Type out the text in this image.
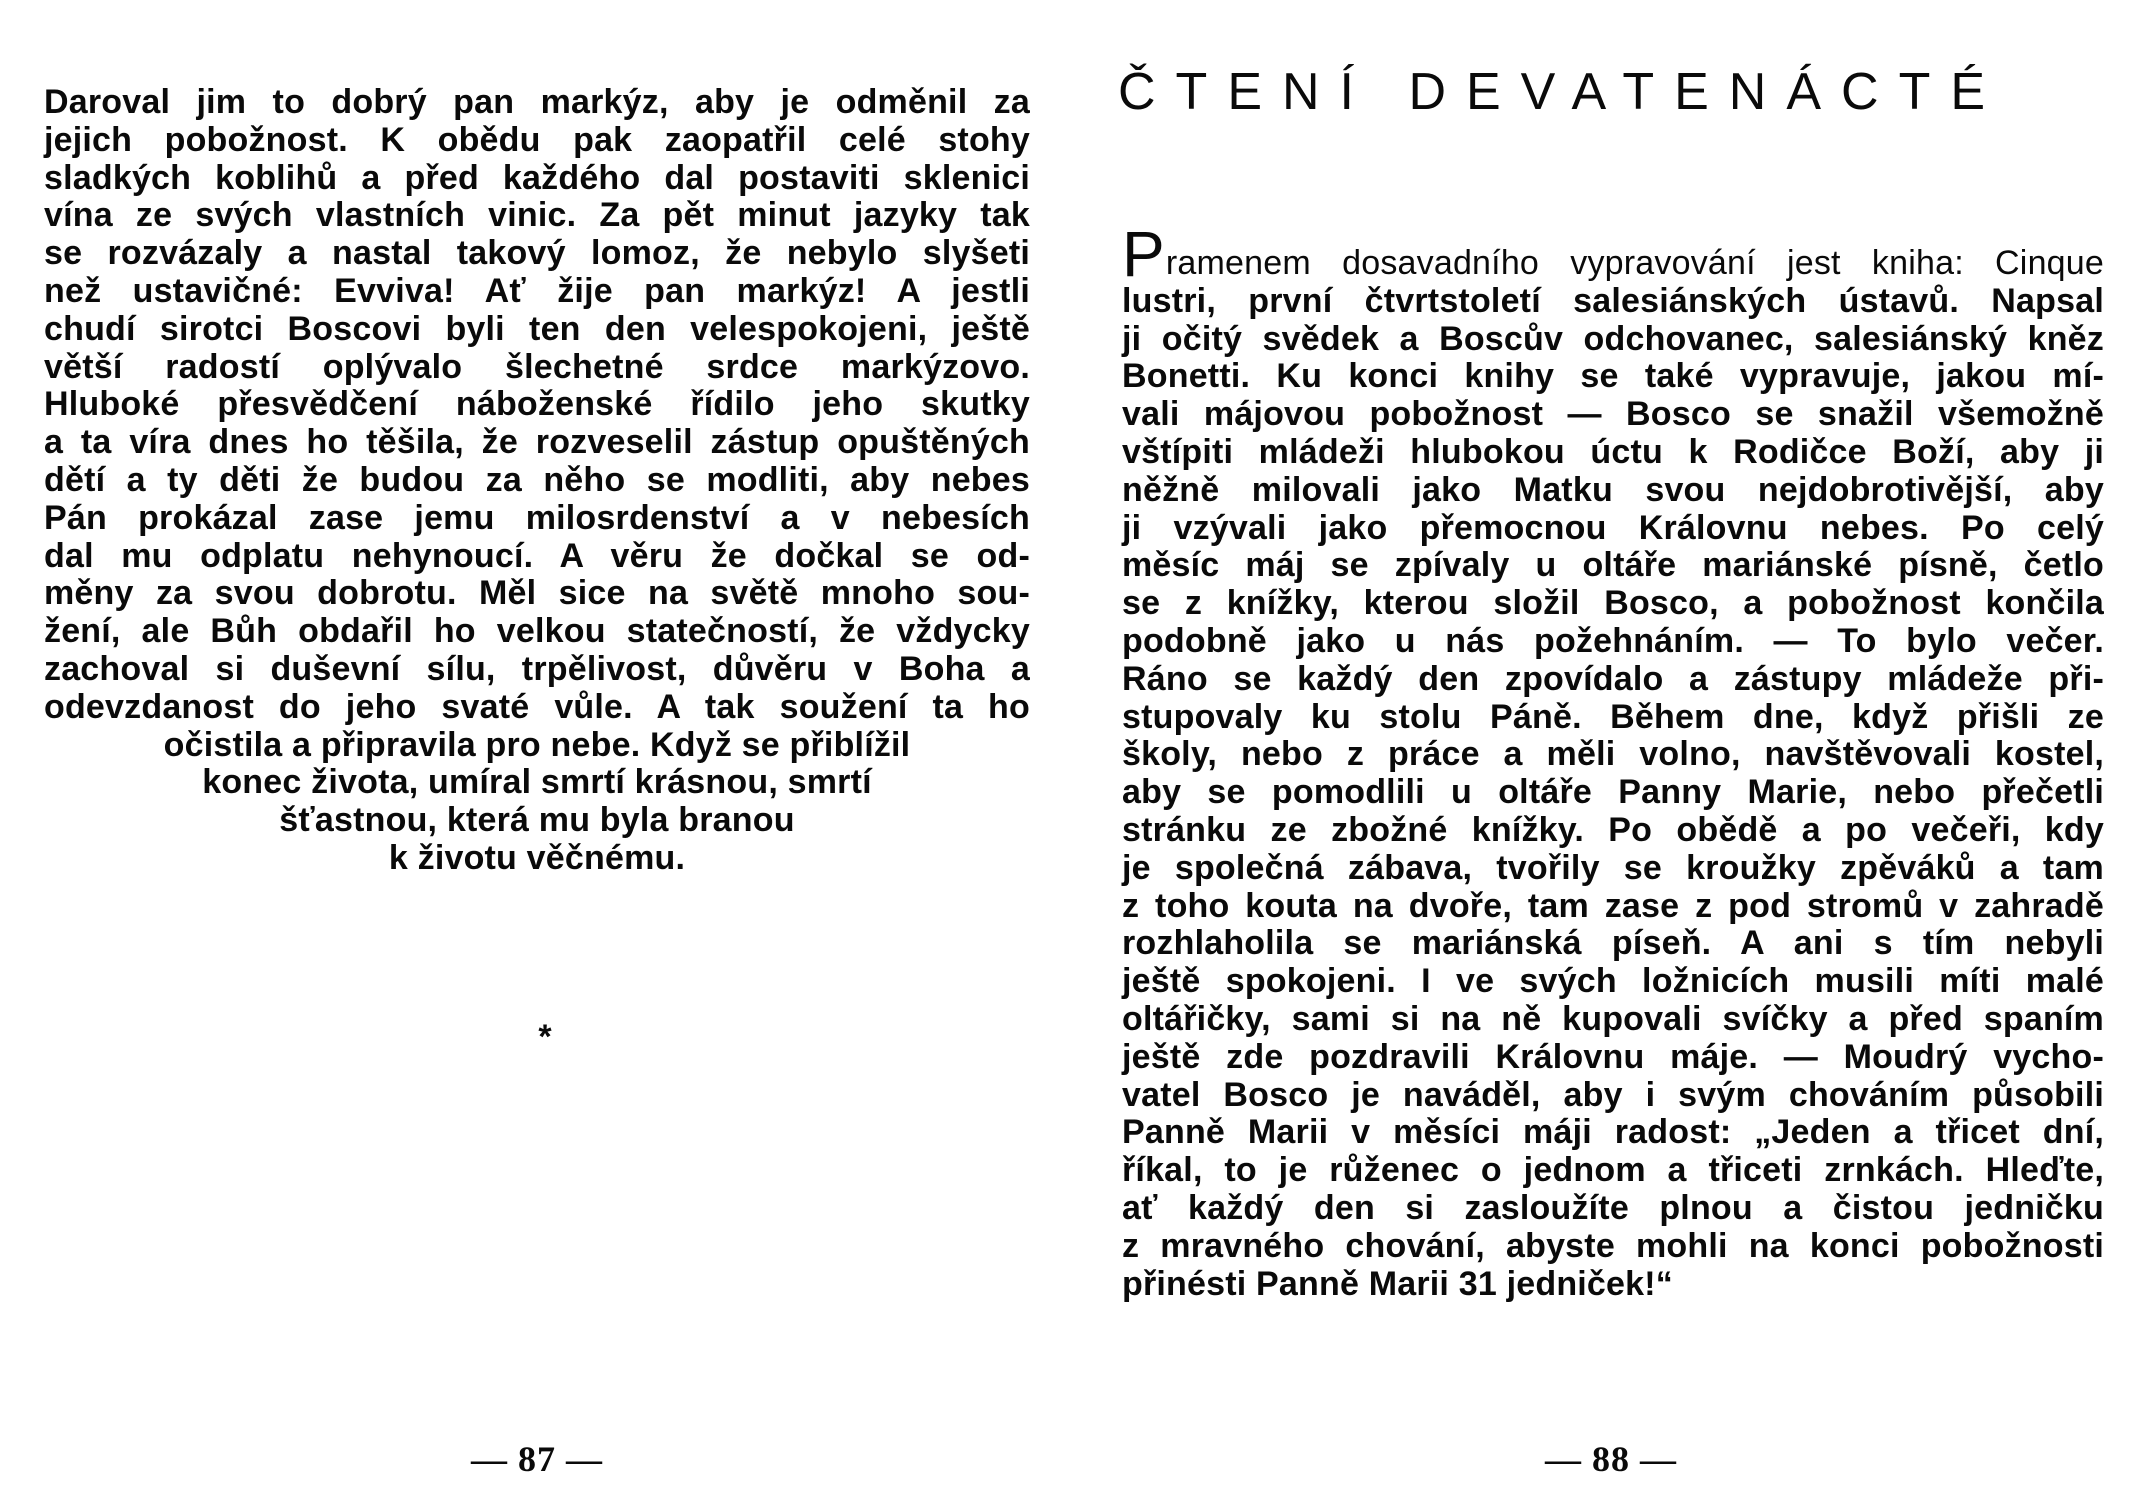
Daroval jim to dobrý pan markýz, aby je odměnil za
jejich pobožnost. K obědu pak zaopatřil celé stohy
sladkých koblihů a před každého dal postaviti sklenici
vína ze svých vlastních vinic. Za pět minut jazyky tak
se rozvázaly a nastal takový lomoz, že nebylo slyšeti
než ustavičné: Evviva! Ať žije pan markýz! A jestli
chudí sirotci Boscovi byli ten den velespokojeni, ještě
větší radostí oplývalo šlechetné srdce markýzovo.
Hluboké přesvědčení náboženské řídilo jeho skutky
a ta víra dnes ho těšila, že rozveselil zástup opuštěných
dětí a ty děti že budou za něho se modliti, aby nebes
Pán prokázal zase jemu milosrdenství a v nebesích
dal mu odplatu nehynoucí. A věru že dočkal se od-
měny za svou dobrotu. Měl sice na světě mnoho sou-
žení, ale Bůh obdařil ho velkou statečností, že vždycky
zachoval si duševní sílu, trpělivost, důvěru v Boha a
odevzdanost do jeho svaté vůle. A tak soužení ta ho
očistila a připravila pro nebe. Když se přiblížil
konec života, umíral smrtí krásnou, smrtí
šťastnou, která mu byla branou
k životu věčnému.
*
— 87 —
ČTENÍ DEVATENÁCTÉ
Pramenem dosavadního vypravování jest kniha: Cinque
lustri, první čtvrtstoletí salesiánských ústavů. Napsal
ji očitý svědek a Boscův odchovanec, salesiánský kněz
Bonetti. Ku konci knihy se také vypravuje, jakou mí-
vali májovou pobožnost — Bosco se snažil všemožně
vštípiti mládeži hlubokou úctu k Rodičce Boží, aby ji
něžně milovali jako Matku svou nejdobrotivější, aby
ji vzývali jako přemocnou Královnu nebes. Po celý
měsíc máj se zpívaly u oltáře mariánské písně, četlo
se z knížky, kterou složil Bosco, a pobožnost končila
podobně jako u nás požehnáním. — To bylo večer.
Ráno se každý den zpovídalo a zástupy mládeže při-
stupovaly ku stolu Páně. Během dne, když přišli ze
školy, nebo z práce a měli volno, navštěvovali kostel,
aby se pomodlili u oltáře Panny Marie, nebo přečetli
stránku ze zbožné knížky. Po obědě a po večeři, kdy
je společná zábava, tvořily se kroužky zpěváků a tam
z toho kouta na dvoře, tam zase z pod stromů v zahradě
rozhlaholila se mariánská píseň. A ani s tím nebyli
ještě spokojeni. I ve svých ložnicích musili míti malé
oltářičky, sami si na ně kupovali svíčky a před spaním
ještě zde pozdravili Královnu máje. — Moudrý vycho-
vatel Bosco je naváděl, aby i svým chováním působili
Panně Marii v měsíci máji radost: „Jeden a třicet dní,
říkal, to je růženec o jednom a třiceti zrnkách. Hleďte,
ať každý den si zasloužíte plnou a čistou jedničku
z mravného chování, abyste mohli na konci pobožnosti
přinésti Panně Marii 31 jedniček!“
— 88 —
